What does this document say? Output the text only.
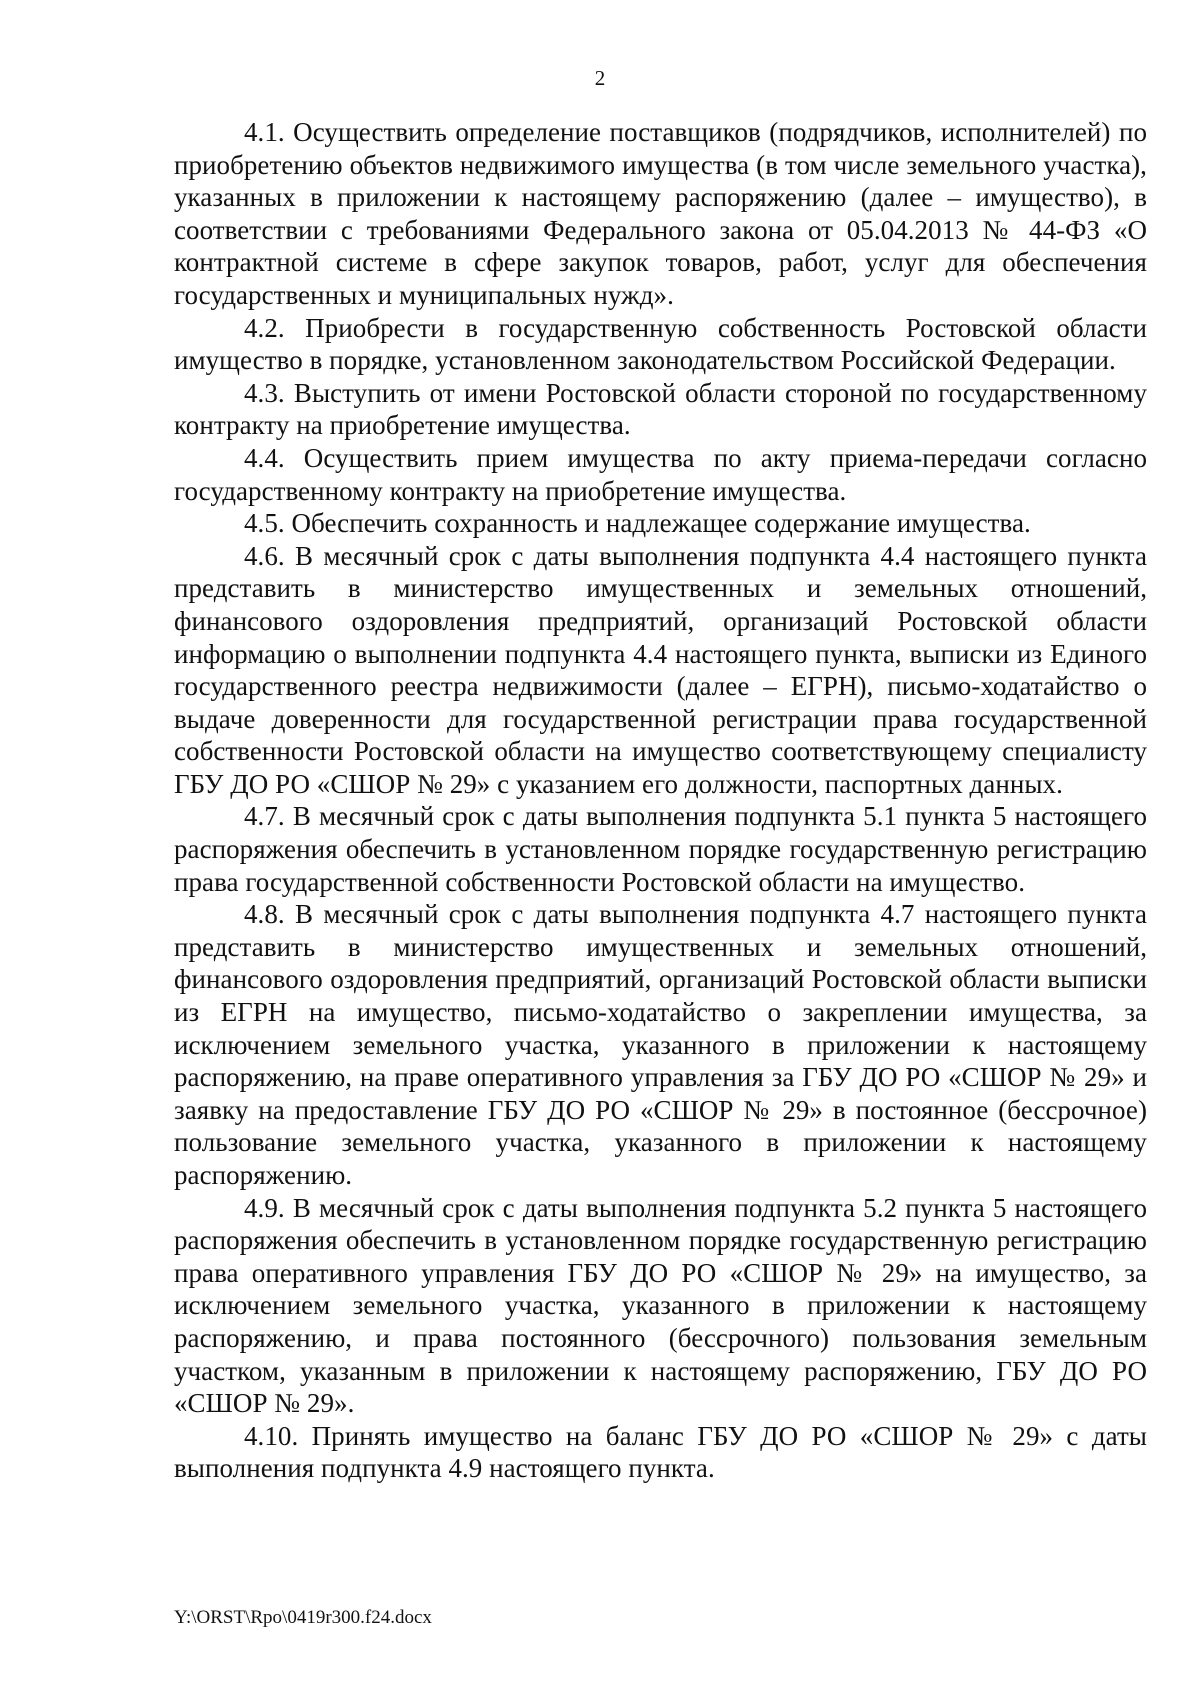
2

4.1. Осуществить определение поставщиков (подрядчиков, исполнителей) по приобретению объектов недвижимого имущества (в том числе земельного участка), указанных в приложении к настоящему распоряжению (далее – имущество), в соответствии с требованиями Федерального закона от 05.04.2013 № 44-ФЗ «О контрактной системе в сфере закупок товаров, работ, услуг для обеспечения государственных и муниципальных нужд».

4.2. Приобрести в государственную собственность Ростовской области имущество в порядке, установленном законодательством Российской Федерации.

4.3. Выступить от имени Ростовской области стороной по государственному контракту на приобретение имущества.

4.4. Осуществить прием имущества по акту приема-передачи согласно государственному контракту на приобретение имущества.

4.5. Обеспечить сохранность и надлежащее содержание имущества.

4.6. В месячный срок с даты выполнения подпункта 4.4 настоящего пункта представить в министерство имущественных и земельных отношений, финансового оздоровления предприятий, организаций Ростовской области информацию о выполнении подпункта 4.4 настоящего пункта, выписки из Единого государственного реестра недвижимости (далее – ЕГРН), письмо-ходатайство о выдаче доверенности для государственной регистрации права государственной собственности Ростовской области на имущество соответствующему специалисту ГБУ ДО РО «СШОР № 29» с указанием его должности, паспортных данных.

4.7. В месячный срок с даты выполнения подпункта 5.1 пункта 5 настоящего распоряжения обеспечить в установленном порядке государственную регистрацию права государственной собственности Ростовской области на имущество.

4.8. В месячный срок с даты выполнения подпункта 4.7 настоящего пункта представить в министерство имущественных и земельных отношений, финансового оздоровления предприятий, организаций Ростовской области выписки из ЕГРН на имущество, письмо-ходатайство о закреплении имущества, за исключением земельного участка, указанного в приложении к настоящему распоряжению, на праве оперативного управления за ГБУ ДО РО «СШОР № 29» и заявку на предоставление ГБУ ДО РО «СШОР № 29» в постоянное (бессрочное) пользование земельного участка, указанного в приложении к настоящему распоряжению.

4.9. В месячный срок с даты выполнения подпункта 5.2 пункта 5 настоящего распоряжения обеспечить в установленном порядке государственную регистрацию права оперативного управления ГБУ ДО РО «СШОР № 29» на имущество, за исключением земельного участка, указанного в приложении к настоящему распоряжению, и права постоянного (бессрочного) пользования земельным участком, указанным в приложении к настоящему распоряжению, ГБУ ДО РО «СШОР № 29».

4.10. Принять имущество на баланс ГБУ ДО РО «СШОР № 29» с даты выполнения подпункта 4.9 настоящего пункта.

Y:\ORST\Rpo\0419r300.f24.docx
